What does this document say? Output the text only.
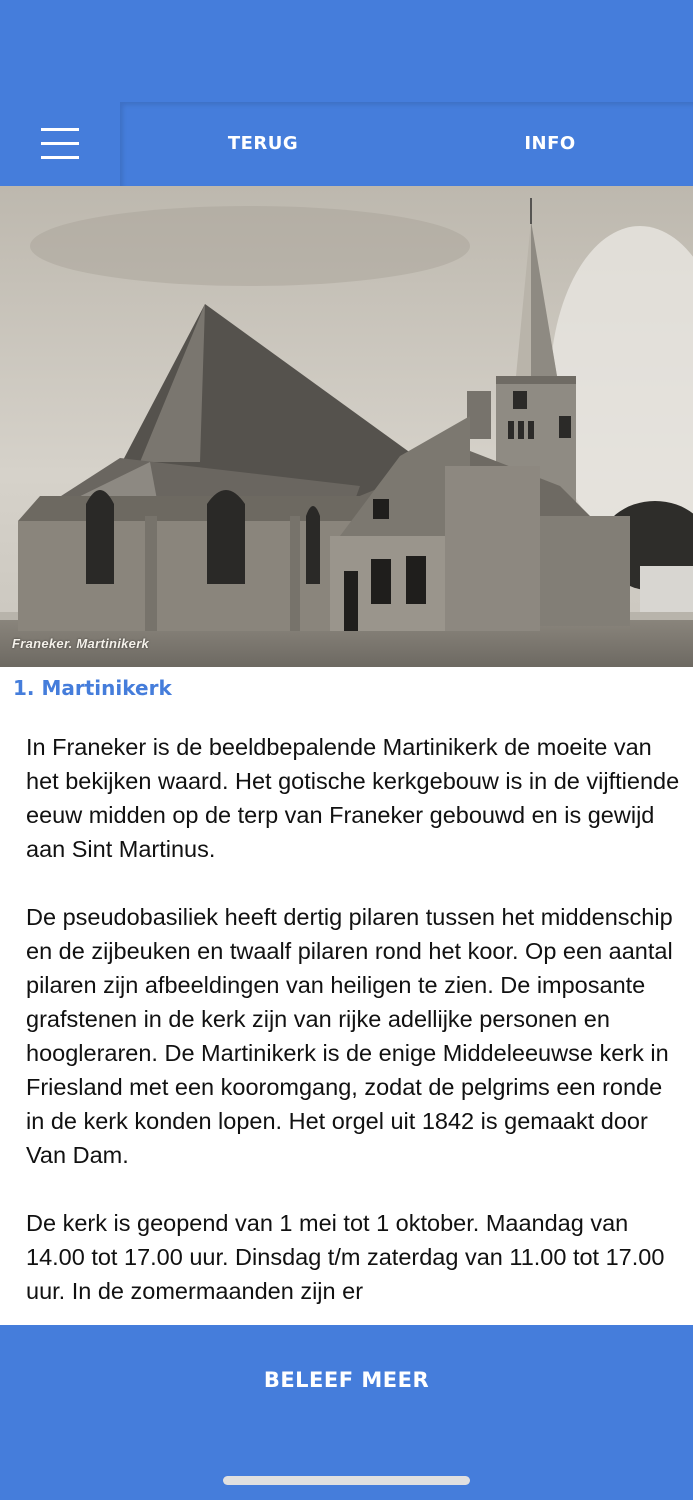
TERUG	INFO
Franeker. Martinikerk
1. Martinikerk

In Franeker is de beeldbepalende Martinikerk de moeite van het bekijken waard. Het gotische kerkgebouw is in de vijftiende eeuw midden op de terp van Franeker gebouwd en is gewijd aan Sint Martinus.

De pseudobasiliek heeft dertig pilaren tussen het middenschip en de zijbeuken en twaalf pilaren rond het koor. Op een aantal pilaren zijn afbeeldingen van heiligen te zien. De imposante grafstenen in de kerk zijn van rijke adellijke personen en hoogleraren. De Martinikerk is de enige Middeleeuwse kerk in Friesland met een kooromgang, zodat de pelgrims een ronde in de kerk konden lopen. Het orgel uit 1842 is gemaakt door Van Dam.

De kerk is geopend van 1 mei tot 1 oktober. Maandag van 14.00 tot 17.00 uur. Dinsdag t/m zaterdag van 11.00 tot 17.00 uur. In de zomermaanden zijn er

BELEEF MEER
